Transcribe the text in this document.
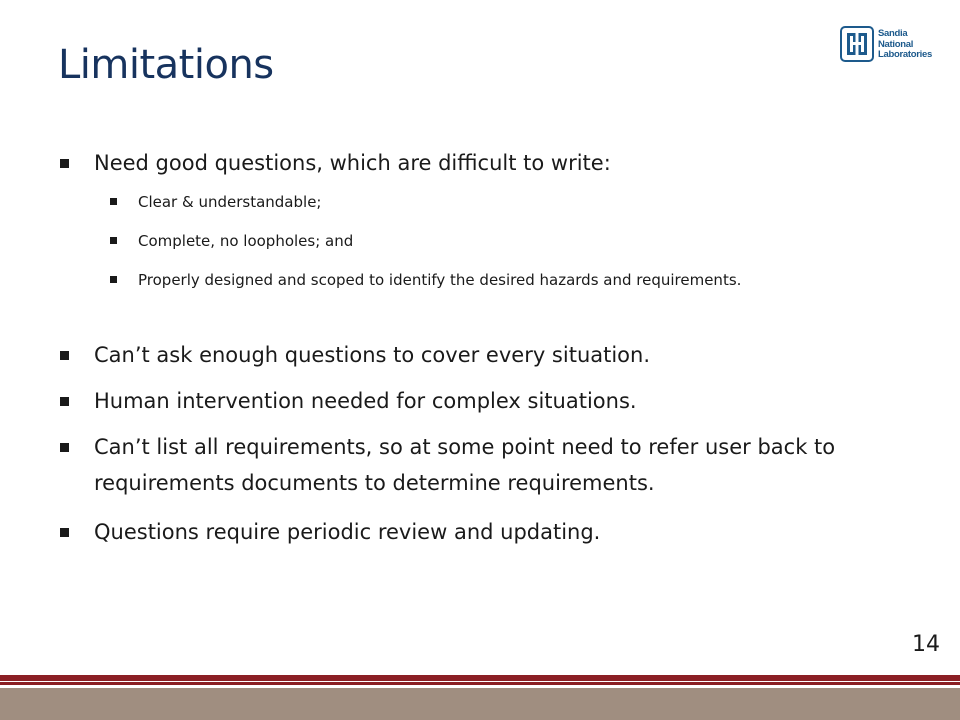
Limitations
Sandia
National
Laboratories
Need good questions, which are difficult to write:
Clear & understandable;
Complete, no loopholes; and
Properly designed and scoped to identify the desired hazards and requirements.
Can’t ask enough questions to cover every situation.
Human intervention needed for complex situations.
Can’t list all requirements, so at some point need to refer user back to requirements documents to determine requirements.
Questions require periodic review and updating.
14
